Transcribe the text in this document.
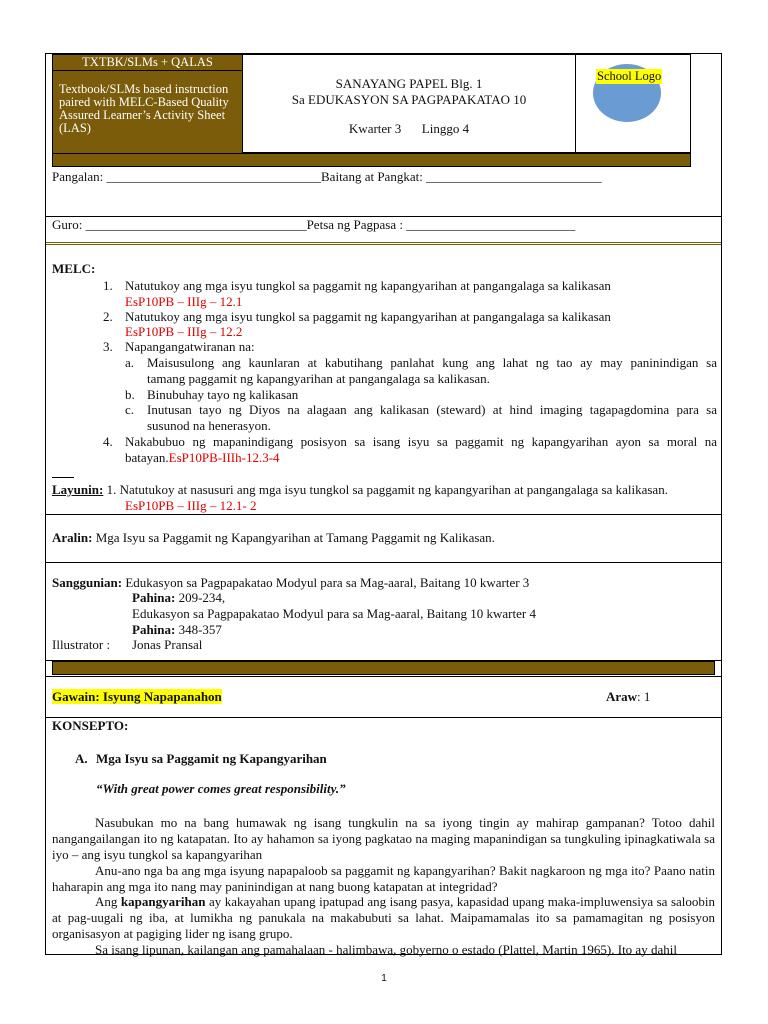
TXTBK/SLMs + QALAS
Textbook/SLMs based instruction paired with MELC-Based Quality Assured Learner’s Activity Sheet (LAS)
SANAYANG PAPEL Blg. 1
Sa EDUKASYON SA PAGPAPAKATAO 10
Kwarter 3 Linggo 4
School Logo
Pangalan: _________________________________Baitang at Pangkat: ___________________________
Guro: __________________________________Petsa ng Pagpasa : __________________________
MELC:
1. Natutukoy ang mga isyu tungkol sa paggamit ng kapangyarihan at pangangalaga sa kalikasan
EsP10PB – IIIg – 12.1
2. Natutukoy ang mga isyu tungkol sa paggamit ng kapangyarihan at pangangalaga sa kalikasan
EsP10PB – IIIg – 12.2
3. Napangangatwiranan na:
a. Maisusulong ang kaunlaran at kabutihang panlahat kung ang lahat ng tao ay may paninindigan sa
tamang paggamit ng kapangyarihan at pangangalaga sa kalikasan.
b. Binubuhay tayo ng kalikasan
c. Inutusan tayo ng Diyos na alagaan ang kalikasan (steward) at hind imaging tagapagdomina para sa
susunod na henerasyon.
4. Nakabubuo ng mapanindigang posisyon sa isang isyu sa paggamit ng kapangyarihan ayon sa moral na
batayan.EsP10PB-IIIh-12.3-4
Layunin: 1. Natutukoy at nasusuri ang mga isyu tungkol sa paggamit ng kapangyarihan at pangangalaga sa kalikasan.
EsP10PB – IIIg – 12.1- 2
Aralin: Mga Isyu sa Paggamit ng Kapangyarihan at Tamang Paggamit ng Kalikasan.
Sanggunian: Edukasyon sa Pagpapakatao Modyul para sa Mag-aaral, Baitang 10 kwarter 3
Pahina: 209-234,
Edukasyon sa Pagpapakatao Modyul para sa Mag-aaral, Baitang 10 kwarter 4
Pahina: 348-357
Illustrator : Jonas Pransal
Gawain: Isyung Napapanahon	Araw: 1
KONSEPTO:
A. Mga Isyu sa Paggamit ng Kapangyarihan
“With great power comes great responsibility.”
Nasubukan mo na bang humawak ng isang tungkulin na sa iyong tingin ay mahirap gampanan? Totoo dahil nangangailangan ito ng katapatan. Ito ay hahamon sa iyong pagkatao na maging mapanindigan sa tungkuling ipinagkatiwala sa iyo – ang isyu tungkol sa kapangyarihan
Anu-ano nga ba ang mga isyung napapaloob sa paggamit ng kapangyarihan? Bakit nagkaroon ng mga ito? Paano natin haharapin ang mga ito nang may paninindigan at nang buong katapatan at integridad?
Ang kapangyarihan ay kakayahan upang ipatupad ang isang pasya, kapasidad upang maka-impluwensiya sa saloobin at pag-uugali ng iba, at lumikha ng panukala na makabubuti sa lahat. Maipamamalas ito sa pamamagitan ng posisyon organisasyon at pagiging lider ng isang grupo.
Sa isang lipunan, kailangan ang pamahalaan - halimbawa, gobyerno o estado (Plattel, Martin 1965). Ito ay dahil
1
